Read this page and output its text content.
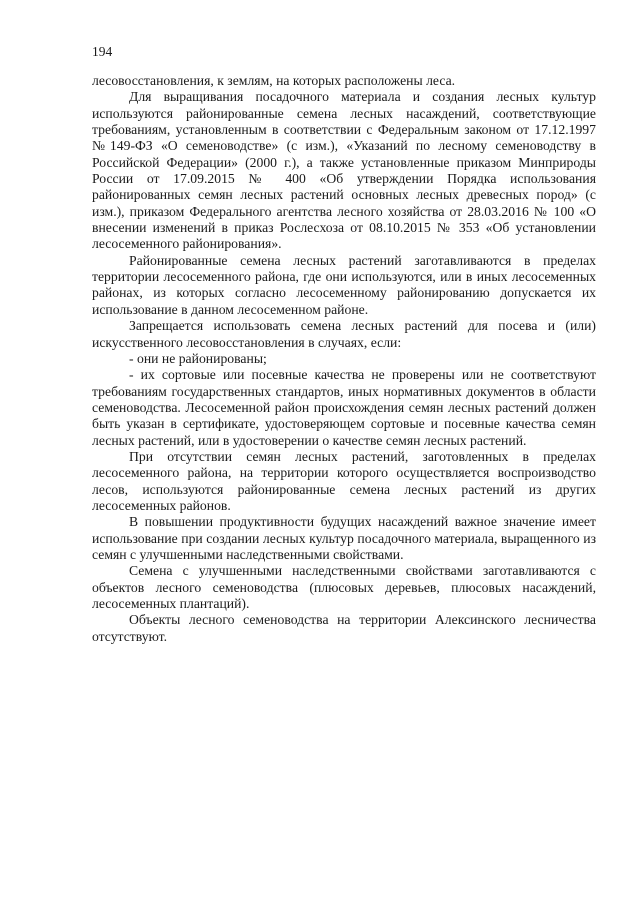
194

лесовосстановления, к землям, на которых расположены леса.

Для выращивания посадочного материала и создания лесных культур используются районированные семена лесных насаждений, соответствующие требованиям, установленным в соответствии с Федеральным законом от 17.12.1997 №149-ФЗ «О семеноводстве» (с изм.), «Указаний по лесному семеноводству в Российской Федерации» (2000 г.), а также установленные приказом Минприроды России от 17.09.2015 № 400 «Об утверждении Порядка использования районированных семян лесных растений основных лесных древесных пород» (с изм.), приказом Федерального агентства лесного хозяйства от 28.03.2016 № 100 «О внесении изменений в приказ Рослесхоза от 08.10.2015 № 353 «Об установлении лесосеменного районирования».

Районированные семена лесных растений заготавливаются в пределах территории лесосеменного района, где они используются, или в иных лесосеменных районах, из которых согласно лесосеменному районированию допускается их использование в данном лесосеменном районе.

Запрещается использовать семена лесных растений для посева и (или) искусственного лесовосстановления в случаях, если:

- они не районированы;

- их сортовые или посевные качества не проверены или не соответствуют требованиям государственных стандартов, иных нормативных документов в области семеноводства. Лесосеменной район происхождения семян лесных растений должен быть указан в сертификате, удостоверяющем сортовые и посевные качества семян лесных растений, или в удостоверении о качестве семян лесных растений.

При отсутствии семян лесных растений, заготовленных в пределах лесосеменного района, на территории которого осуществляется воспроизводство лесов, используются районированные семена лесных растений из других лесосеменных районов.

В повышении продуктивности будущих насаждений важное значение имеет использование при создании лесных культур посадочного материала, выращенного из семян с улучшенными наследственными свойствами.

Семена с улучшенными наследственными свойствами заготавливаются с объектов лесного семеноводства (плюсовых деревьев, плюсовых насаждений, лесосеменных плантаций).

Объекты лесного семеноводства на территории Алексинского лесничества отсутствуют.
